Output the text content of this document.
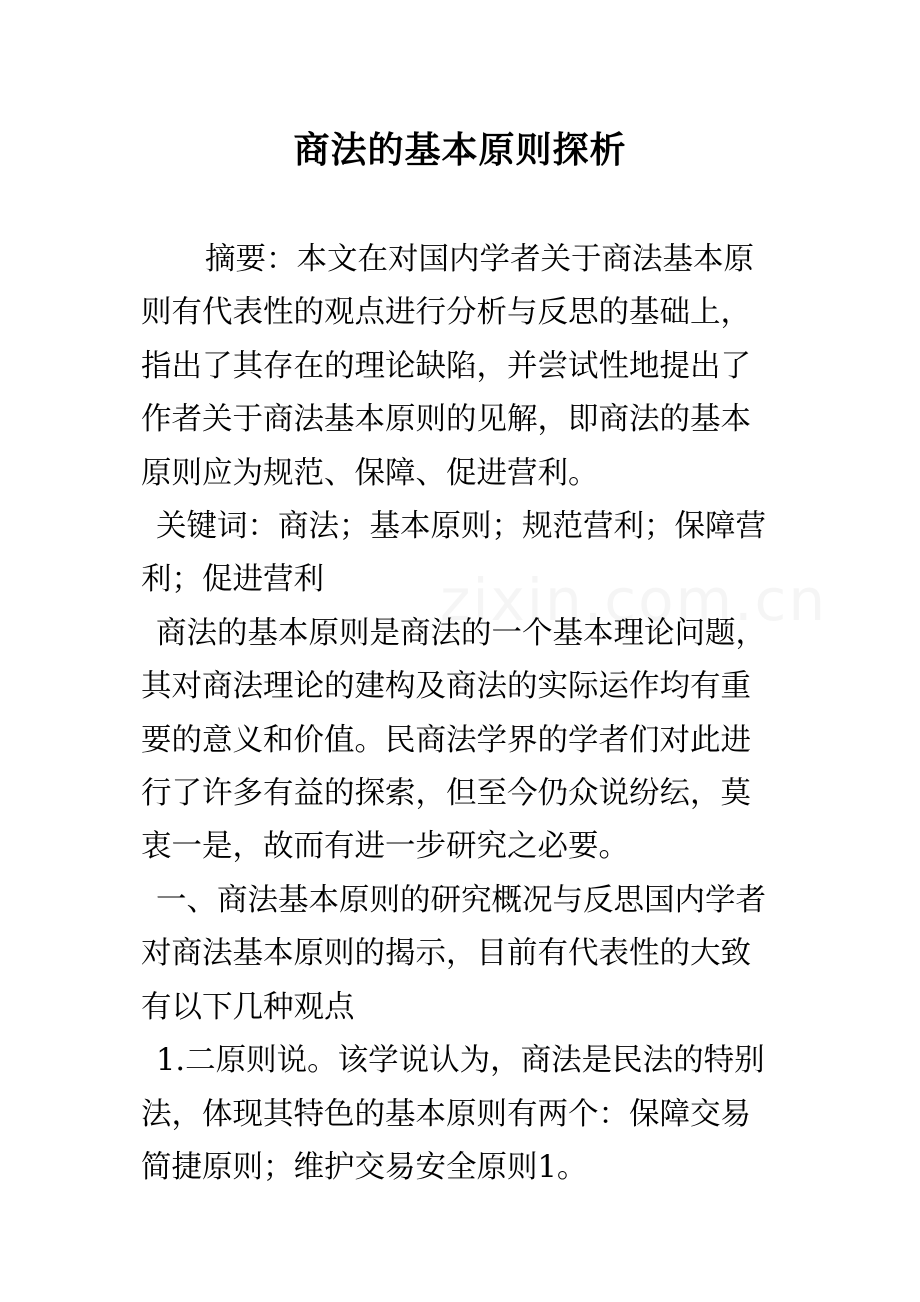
商法的基本原则探析

摘要：本文在对国内学者关于商法基本原则有代表性的观点进行分析与反思的基础上，指出了其存在的理论缺陷，并尝试性地提出了作者关于商法基本原则的见解，即商法的基本原则应为规范、保障、促进营利。

关键词：商法；基本原则；规范营利；保障营利；促进营利

商法的基本原则是商法的一个基本理论问题，其对商法理论的建构及商法的实际运作均有重要的意义和价值。民商法学界的学者们对此进行了许多有益的探索，但至今仍众说纷纭，莫衷一是，故而有进一步研究之必要。

一、商法基本原则的研究概况与反思国内学者对商法基本原则的揭示，目前有代表性的大致有以下几种观点

1.二原则说。该学说认为，商法是民法的特别法，体现其特色的基本原则有两个：保障交易简捷原则；维护交易安全原则1。
